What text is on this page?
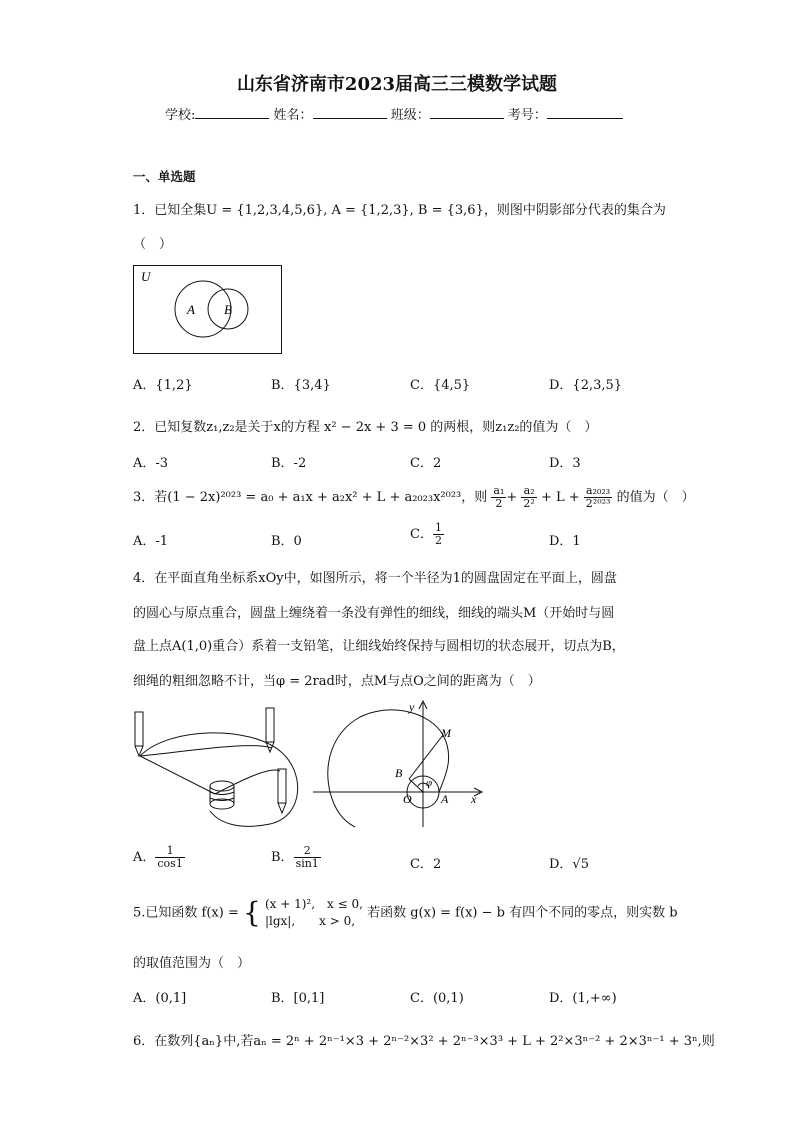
山东省济南市2023届高三三模数学试题
学校:	姓名：	班级：	考号：
一、单选题
1．已知全集U = {1,2,3,4,5,6}, A = {1,2,3}, B = {3,6}，则图中阴影部分代表的集合为
（　）
U
A B
A．{1,2}	B．{3,4}	C．{4,5}	D．{2,3,5}
2．已知复数z₁,z₂是关于x的方程 x² − 2x + 3 = 0 的两根，则z₁z₂的值为（　）
A．-3	B．-2	C．2	D．3
3．若(1 − 2x)²⁰²³ = a₀ + a₁x + a₂x² + L + a₂₀₂₃x²⁰²³，则 $\frac{\text{a₁}}{2} + \frac{\text{a₂}}{\text{2²}} + L + \frac{\text{a₂₀₂₃}}{\text{2²⁰²³}}$ 的值为（　）
A．-1	B．0	C． $\frac{1}{2}$	D．1
4．在平面直角坐标系xOy中，如图所示，将一个半径为1的圆盘固定在平面上，圆盘
的圆心与原点重合，圆盘上缠绕着一条没有弹性的细线，细线的端头M（开始时与圆
盘上点A(1,0)重合）系着一支铅笔，让细线始终保持与圆相切的状态展开，切点为B，
细绳的粗细忽略不计，当φ = 2rad时，点M与点O之间的距离为（　）
y
x
M
B
O A
φ
A． $\frac{1}{\cos 1}$	B． $\frac{2}{\sin 1}$	C．2	D．√5
5.已知函数 f(x) = { (x + 1)²,　x ≤ 0,
|lgx|,　　x > 0,
若函数 g(x) = f(x) − b 有四个不同的零点，则实数 b
的取值范围为（　）
A．(0,1]	B．[0,1]	C．(0,1)	D．(1,+∞)
6．在数列{aₙ}中,若aₙ = 2ⁿ + 2ⁿ⁻¹×3 + 2ⁿ⁻²×3² + 2ⁿ⁻³×3³ + L + 2²×3ⁿ⁻² + 2×3ⁿ⁻¹ + 3ⁿ,则
